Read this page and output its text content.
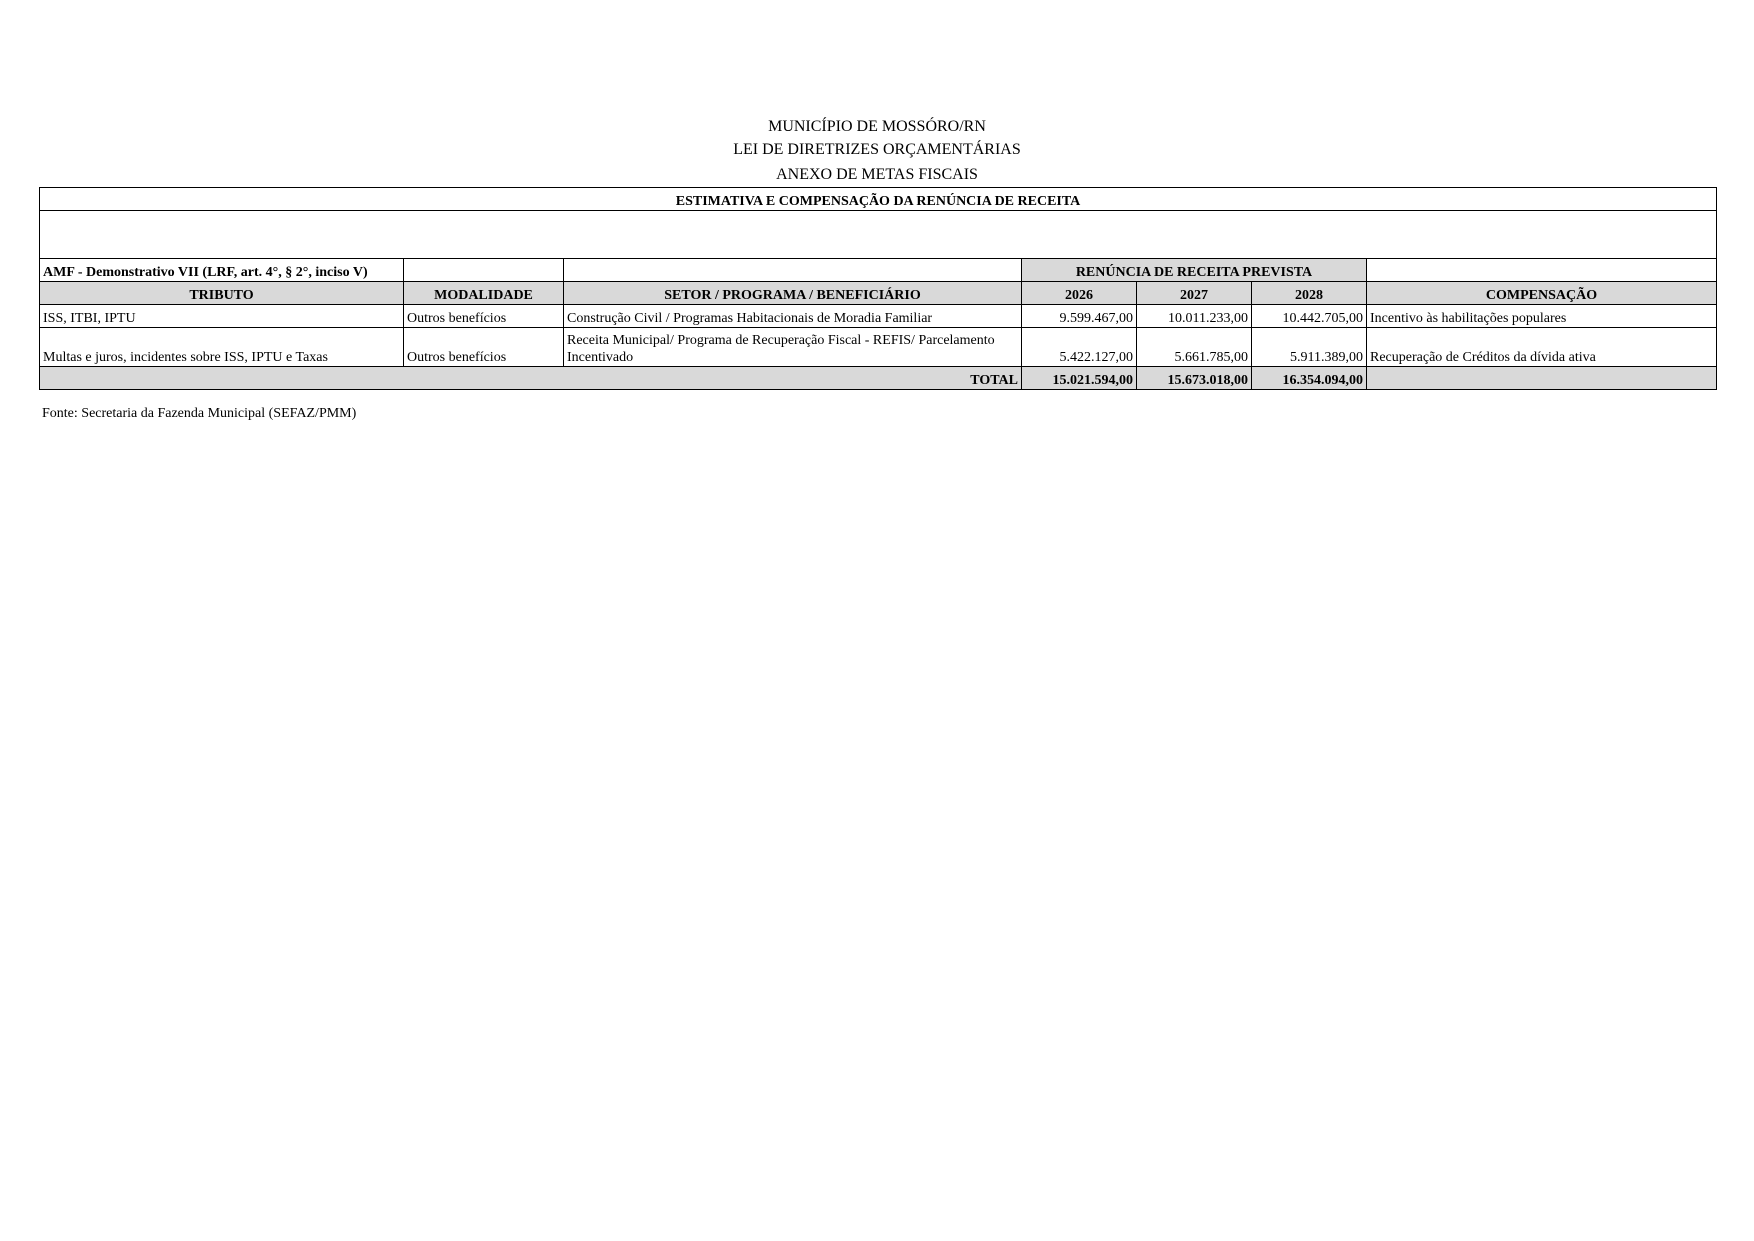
MUNICÍPIO DE MOSSÓRO/RN
LEI DE DIRETRIZES ORÇAMENTÁRIAS
ANEXO DE METAS FISCAIS
ESTIMATIVA E COMPENSAÇÃO DA RENÚNCIA DE RECEITA						

AMF - Demonstrativo VII (LRF, art. 4°, § 2°, inciso V)			RENÚNCIA DE RECEITA PREVISTA			
TRIBUTO	MODALIDADE	SETOR / PROGRAMA / BENEFICIÁRIO	2026	2027	2028	COMPENSAÇÃO
ISS, ITBI, IPTU	Outros benefícios	Construção Civil / Programas Habitacionais de Moradia Familiar	9.599.467,00	10.011.233,00	10.442.705,00	Incentivo às habilitações populares
Multas e juros, incidentes sobre ISS, IPTU e Taxas	Outros benefícios	Receita Municipal/ Programa de Recuperação Fiscal - REFIS/ Parcelamento Incentivado	5.422.127,00	5.661.785,00	5.911.389,00	Recuperação de Créditos da dívida ativa
TOTAL			15.021.594,00	15.673.018,00	16.354.094,00	
Fonte: Secretaria da Fazenda Municipal (SEFAZ/PMM)
